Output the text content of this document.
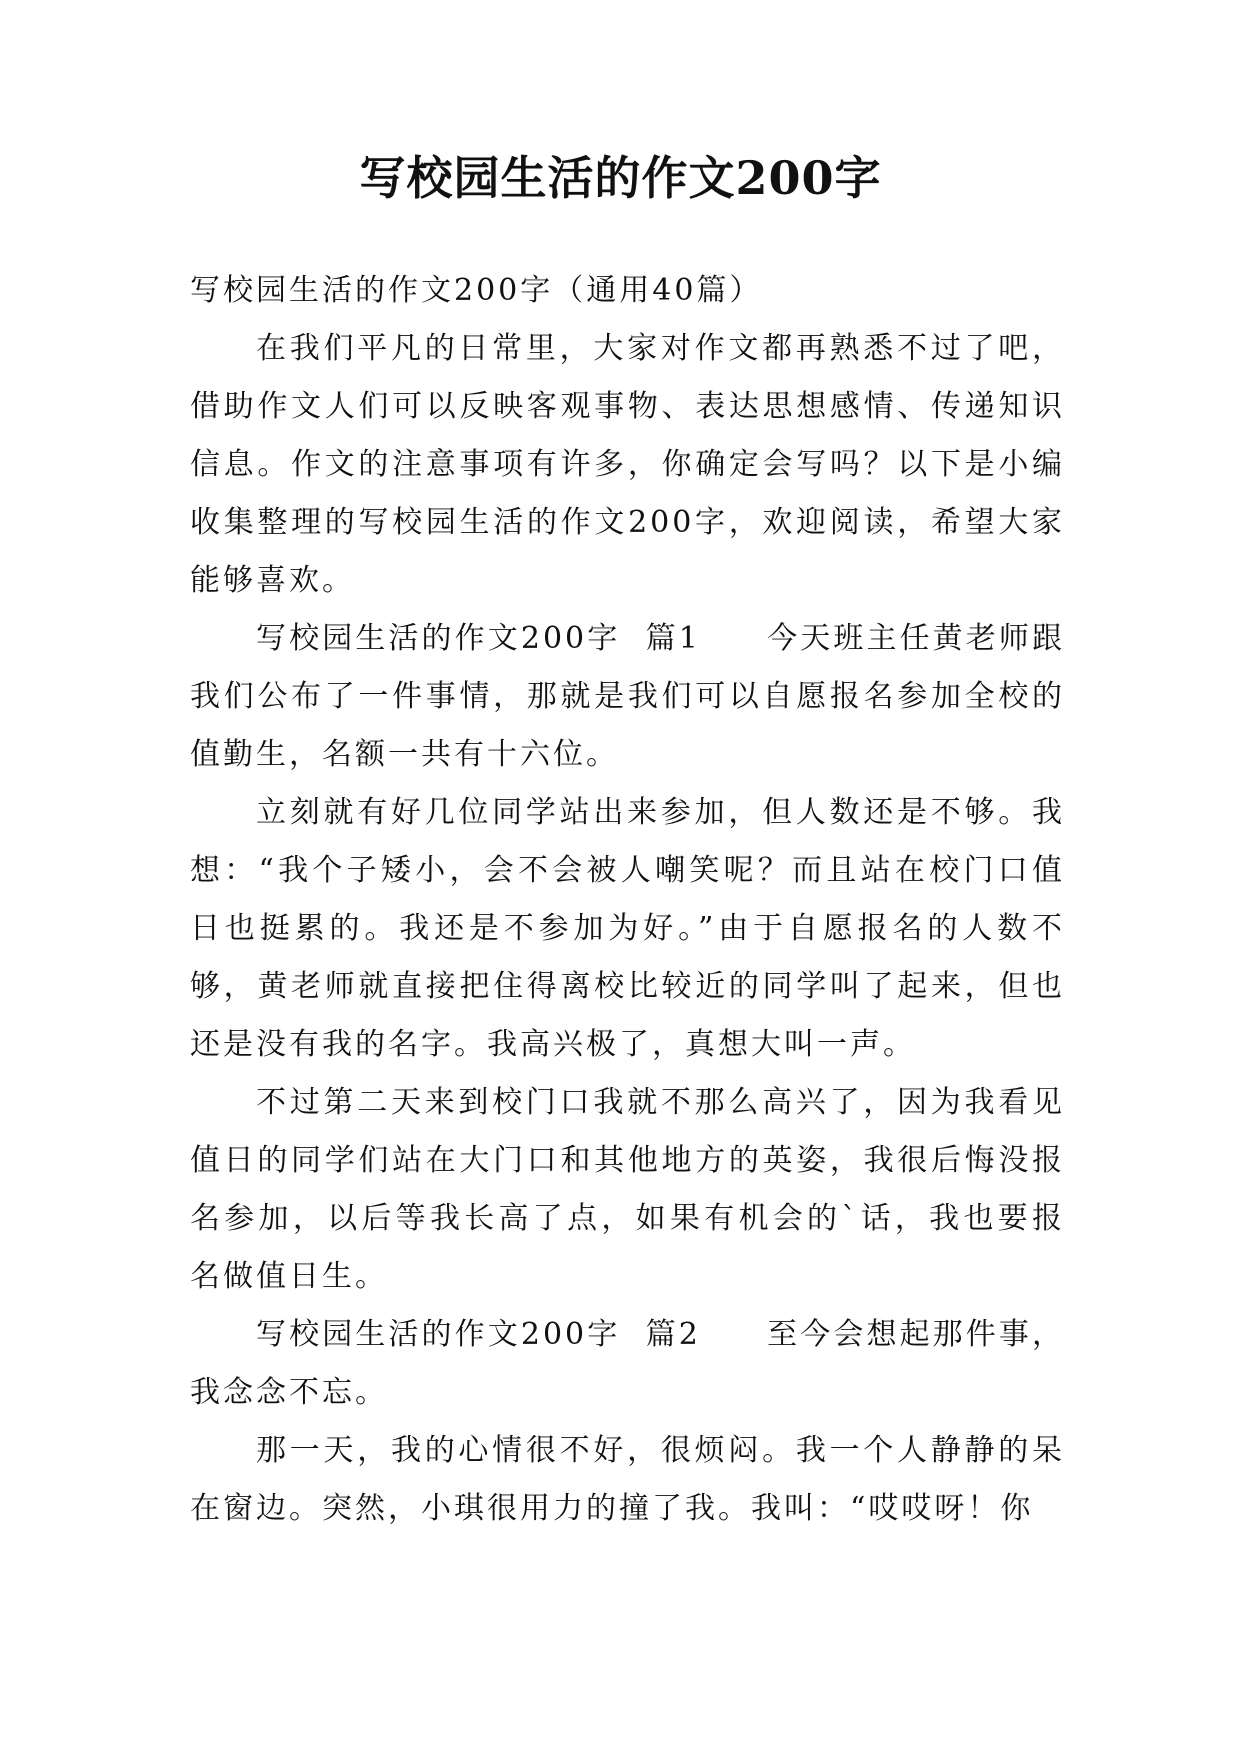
写校园生活的作文200字

写校园生活的作文200字（通用40篇）

在我们平凡的日常里，大家对作文都再熟悉不过了吧，借助作文人们可以反映客观事物、表达思想感情、传递知识信息。作文的注意事项有许多，你确定会写吗？以下是小编收集整理的写校园生活的作文200字，欢迎阅读，希望大家能够喜欢。

写校园生活的作文200字  篇1　　今天班主任黄老师跟我们公布了一件事情，那就是我们可以自愿报名参加全校的值勤生，名额一共有十六位。

立刻就有好几位同学站出来参加，但人数还是不够。我想：“我个子矮小，会不会被人嘲笑呢？而且站在校门口值日也挺累的。我还是不参加为好。”由于自愿报名的人数不够，黄老师就直接把住得离校比较近的同学叫了起来，但也还是没有我的名字。我高兴极了，真想大叫一声。

不过第二天来到校门口我就不那么高兴了，因为我看见值日的同学们站在大门口和其他地方的英姿，我很后悔没报名参加，以后等我长高了点，如果有机会的`话，我也要报名做值日生。

写校园生活的作文200字  篇2　　至今会想起那件事，我念念不忘。

那一天，我的心情很不好，很烦闷。我一个人静静的呆在窗边。突然，小琪很用力的撞了我。我叫：“哎哎呀！你
